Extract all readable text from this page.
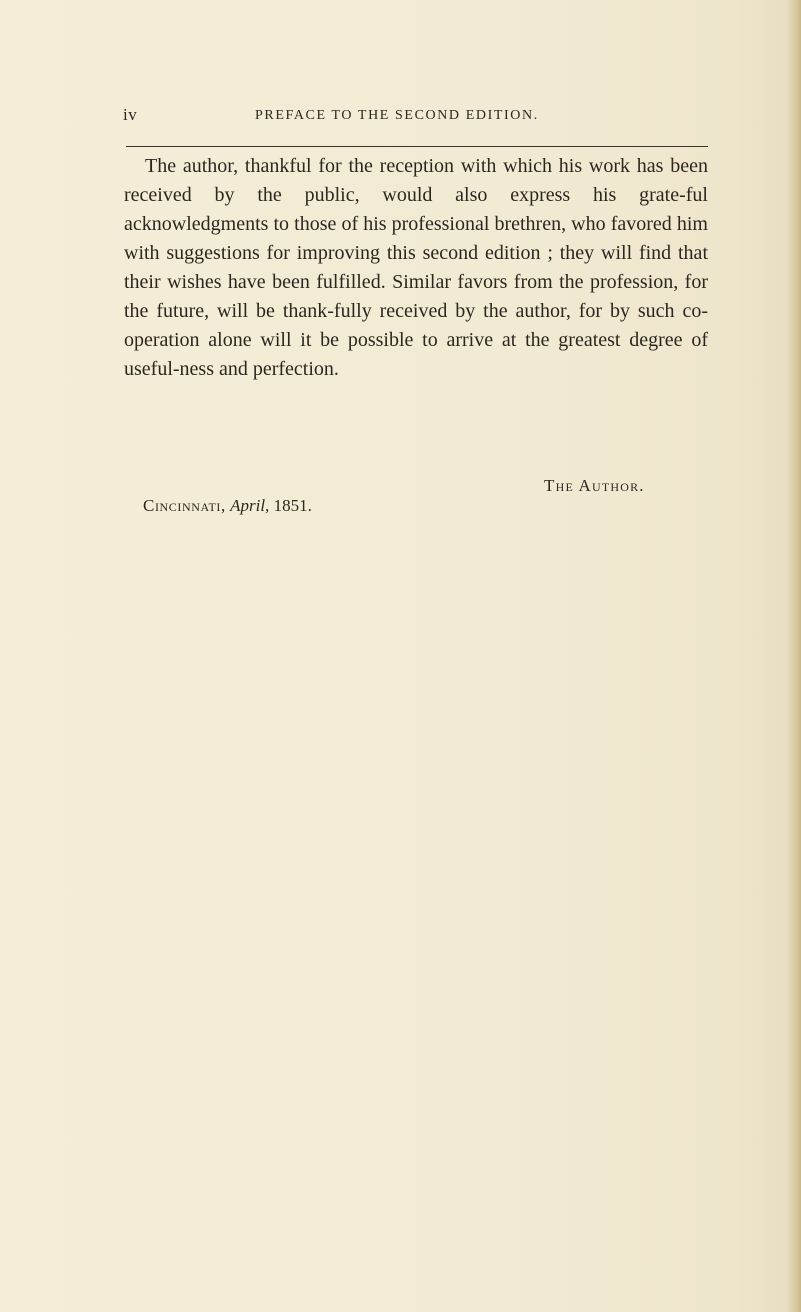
iv	PREFACE TO THE SECOND EDITION.

The author, thankful for the reception with which his work has been received by the public, would also express his grate-ful acknowledgments to those of his professional brethren, who favored him with suggestions for improving this second edition ; they will find that their wishes have been fulfilled. Similar favors from the profession, for the future, will be thank-fully received by the author, for by such co-operation alone will it be possible to arrive at the greatest degree of useful-ness and perfection.

The Author.
Cincinnati, April, 1851.
